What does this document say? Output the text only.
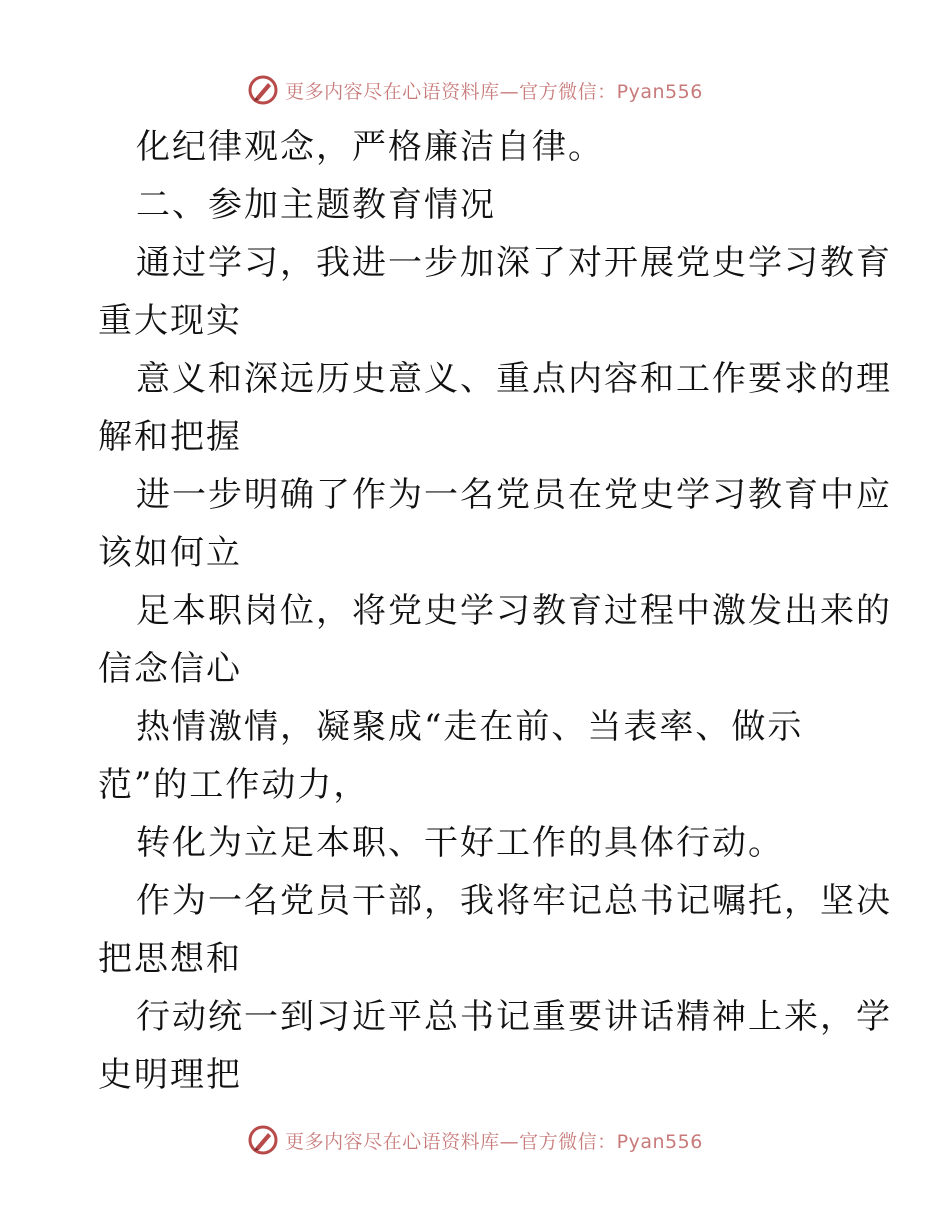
更多内容尽在心语资料库—官方微信：Pyan556
化纪律观念，严格廉洁自律。
二、参加主题教育情况
通过学习，我进一步加深了对开展党史学习教育
重大现实
意义和深远历史意义、重点内容和工作要求的理
解和把握
进一步明确了作为一名党员在党史学习教育中应
该如何立
足本职岗位，将党史学习教育过程中激发出来的
信念信心
热情激情，凝聚成“走在前、当表率、做示
范”的工作动力，
转化为立足本职、干好工作的具体行动。
作为一名党员干部，我将牢记总书记嘱托，坚决
把思想和
行动统一到习近平总书记重要讲话精神上来，学
史明理把
更多内容尽在心语资料库—官方微信：Pyan556
